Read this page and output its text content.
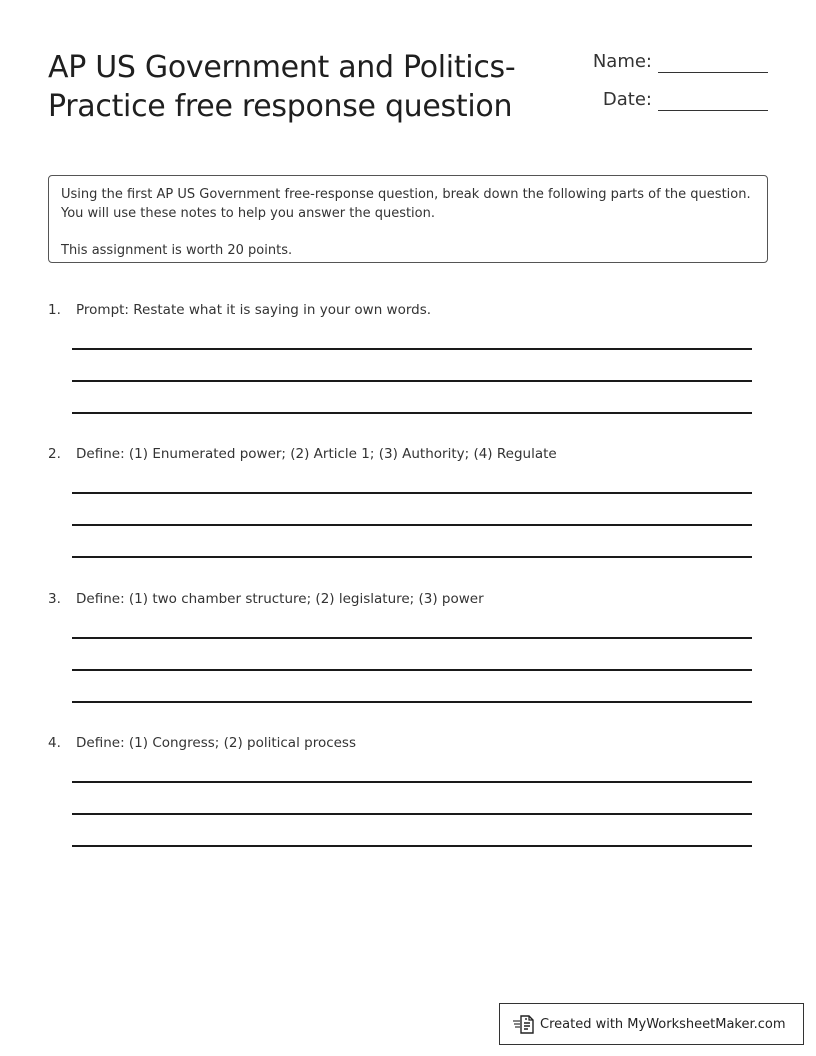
AP US Government and Politics-
Practice free response question
Name:
Date:

Using the first AP US Government free-response question, break down the following parts of the question. You will use these notes to help you answer the question.

This assignment is worth 20 points.

1.	Prompt: Restate what it is saying in your own words.
2.	Define: (1) Enumerated power; (2) Article 1; (3) Authority; (4) Regulate
3.	Define: (1) two chamber structure; (2) legislature; (3) power
4.	Define: (1) Congress; (2) political process
Created with MyWorksheetMaker.com
